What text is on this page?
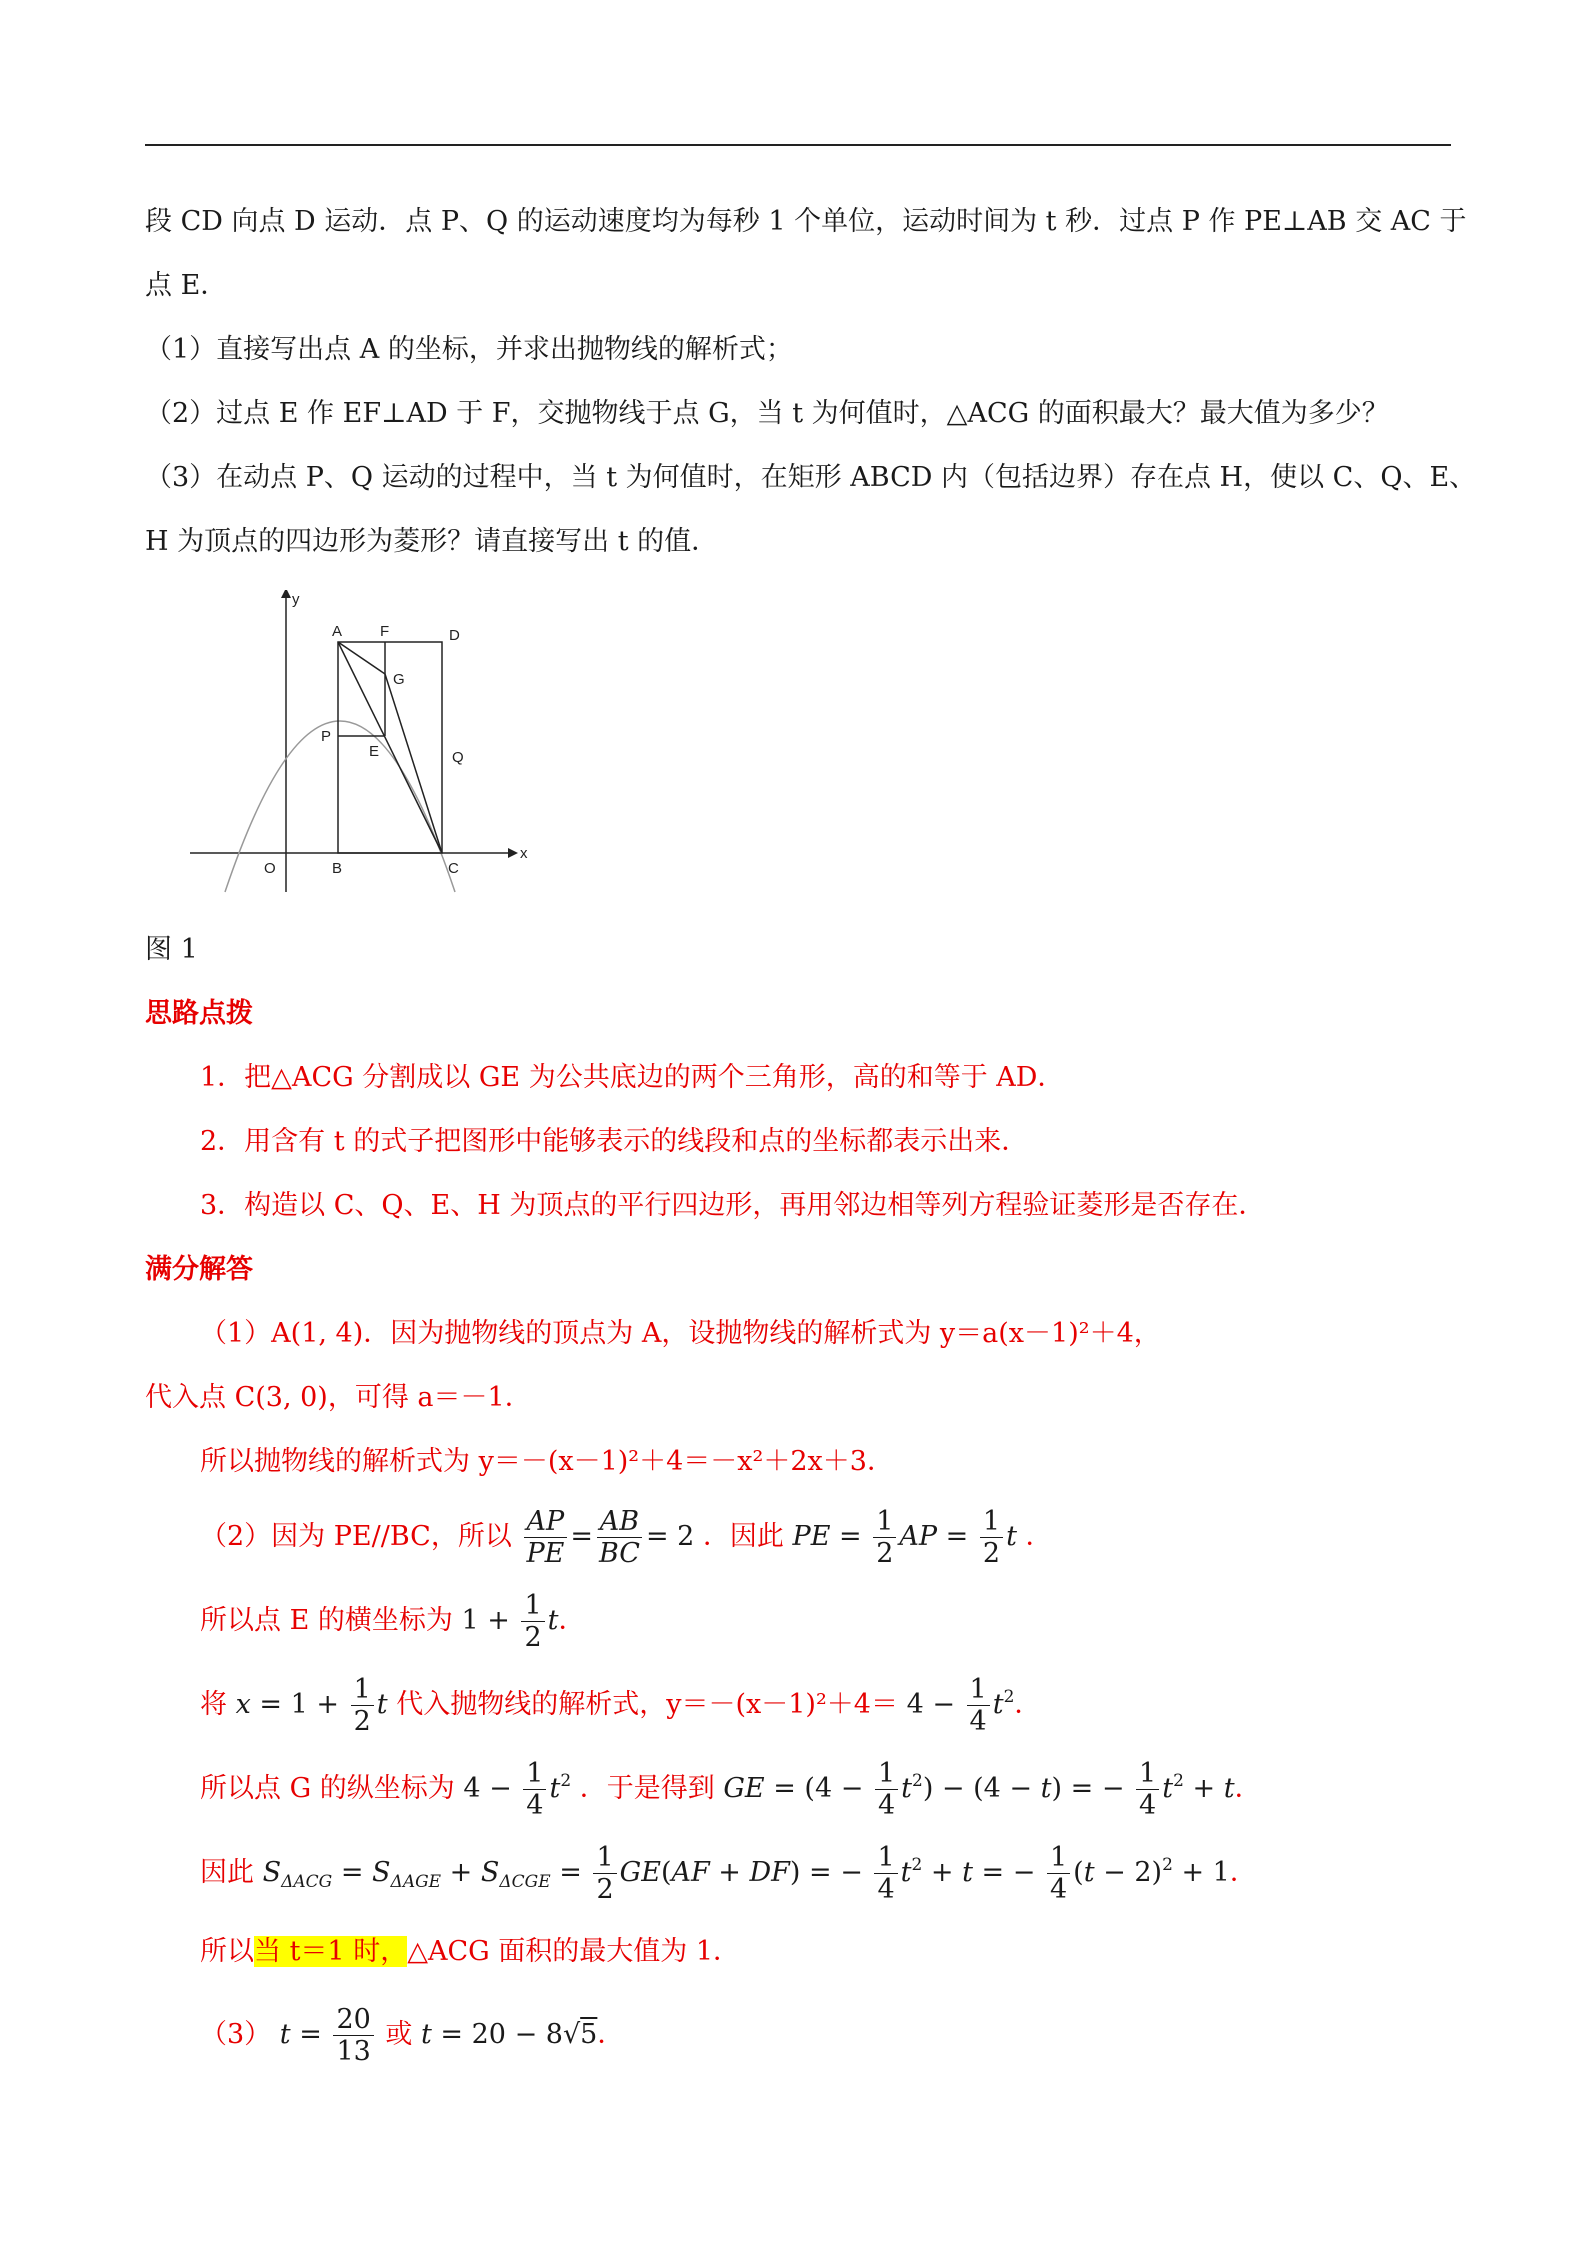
段 CD 向点 D 运动．点 P、Q 的运动速度均为每秒 1 个单位，运动时间为 t 秒．过点 P 作 PE⊥AB 交 AC 于
点 E．
（1）直接写出点 A 的坐标，并求出抛物线的解析式；
（2）过点 E 作 EF⊥AD 于 F，交抛物线于点 G，当 t 为何值时，△ACG 的面积最大？最大值为多少？
（3）在动点 P、Q 运动的过程中，当 t 为何值时，在矩形 ABCD 内（包括边界）存在点 H，使以 C、Q、E、
H 为顶点的四边形为菱形？请直接写出 t 的值．
y
x
O	B	C
A	F	D
G
P
E	Q
图 1
思路点拨
1．把△ACG 分割成以 GE 为公共底边的两个三角形，高的和等于 AD．
2．用含有 t 的式子把图形中能够表示的线段和点的坐标都表示出来．
3．构造以 C、Q、E、H 为顶点的平行四边形，再用邻边相等列方程验证菱形是否存在．
满分解答
（1）A(1, 4)．因为抛物线的顶点为 A，设抛物线的解析式为 y＝a(x－1)²＋4，
代入点 C(3, 0)，可得 a＝－1．
所以抛物线的解析式为 y＝－(x－1)²＋4＝－x²＋2x＋3．
（2）因为 PE//BC，所以 $\frac{AP}{PE} = \frac{AB}{BC} = 2$ ．因此 PE = $\frac{1}{2}$ AP = $\frac{1}{2}$ t ．
所以点 E 的横坐标为 $1 + \frac{1}{2}$ t．
将 $x = 1 + \frac{1}{2}$ t 代入抛物线的解析式，$y=-(x-1)^2+4= 4 - \frac{1}{4} t^2$．
所以点 G 的纵坐标为 $4 - \frac{1}{4} t^2$ ．于是得到 GE = $(4 - \frac{1}{4} t^2) - (4 - t)$ = − $\frac{1}{4} t^2 + t$．
因此 $S_{\Delta ACG} = S_{\Delta AGE} + S_{\Delta CGE} = \frac{1}{2} GE(AF + DF)$ = − $\frac{1}{4} t^2 + t$ = − $\frac{1}{4} (t - 2)^2 + 1$．
所以当 t＝1 时，△ACG 面积的最大值为 1．
（3） $t = \frac{20}{13}$ 或 t = 20 − 8√5．
